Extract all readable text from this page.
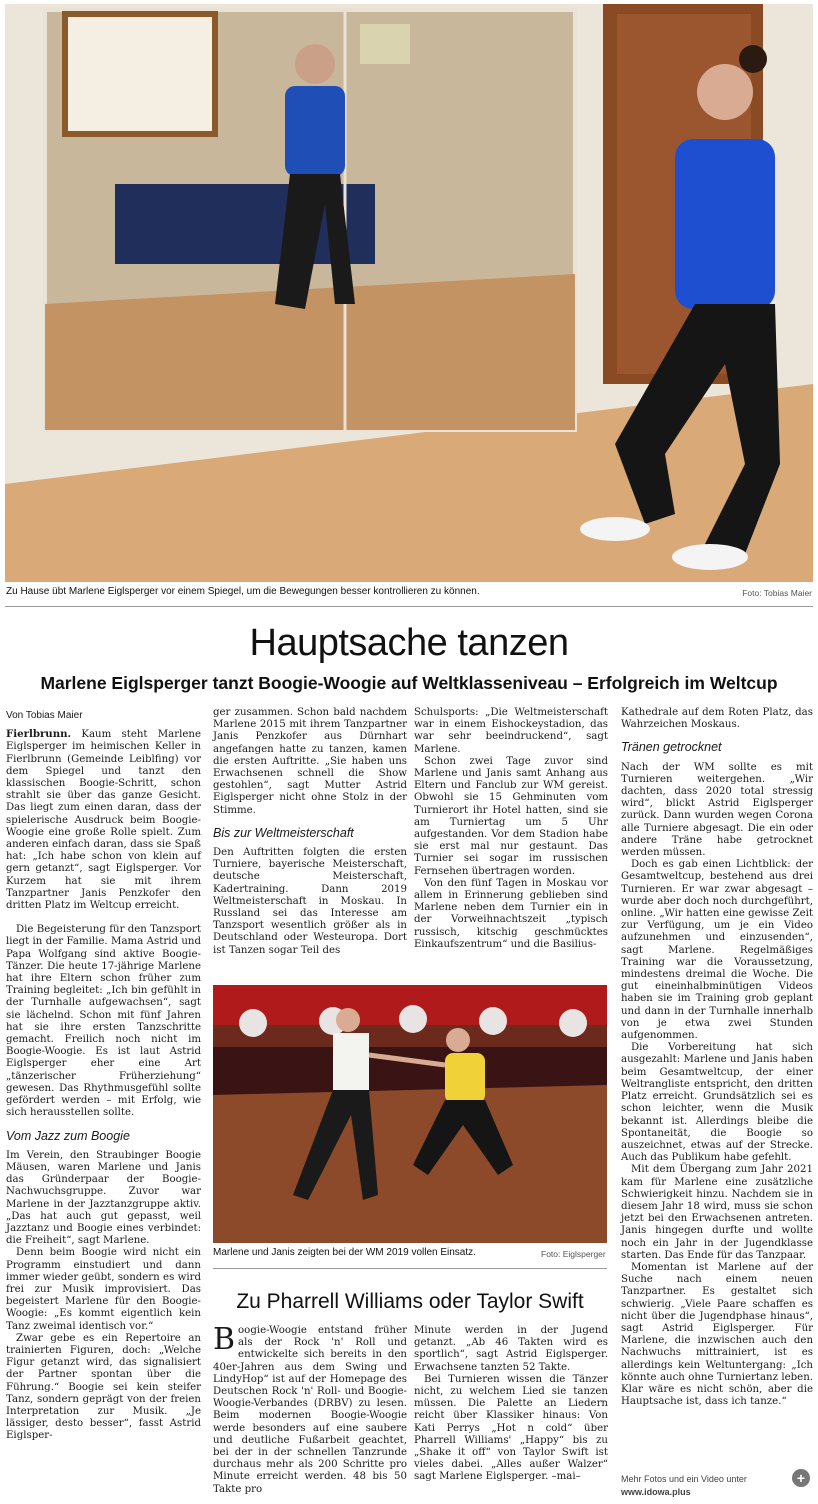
Zu Hause übt Marlene Eiglsperger vor einem Spiegel, um die Bewegungen besser kontrollieren zu können.	Foto: Tobias Maier
Hauptsache tanzen
Marlene Eiglsperger tanzt Boogie-Woogie auf Weltklasseniveau – Erfolgreich im Weltcup
Von Tobias Maier

Fierlbrunn. Kaum steht Marlene Eiglsperger im heimischen Keller in Fierlbrunn (Gemeinde Leiblfing) vor dem Spiegel und tanzt den klassischen Boogie-Schritt, schon strahlt sie über das ganze Gesicht. Das liegt zum einen daran, dass der spielerische Ausdruck beim Boogie-Woogie eine große Rolle spielt. Zum anderen einfach daran, dass sie Spaß hat: „Ich habe schon von klein auf gern getanzt“, sagt Eiglsperger. Vor Kurzem hat sie mit ihrem Tanzpartner Janis Penzkofer den dritten Platz im Weltcup erreicht.

Die Begeisterung für den Tanzsport liegt in der Familie. Mama Astrid und Papa Wolfgang sind aktive Boogie-Tänzer. Die heute 17-jährige Marlene hat ihre Eltern schon früher zum Training begleitet: „Ich bin gefühlt in der Turnhalle aufgewachsen“, sagt sie lächelnd. Schon mit fünf Jahren hat sie ihre ersten Tanzschritte gemacht. Freilich noch nicht im Boogie-Woogie. Es ist laut Astrid Eiglsperger eher eine Art „tänzerischer Früherziehung“ gewesen. Das Rhythmusgefühl sollte gefördert werden – mit Erfolg, wie sich herausstellen sollte.

Vom Jazz zum Boogie

Im Verein, den Straubinger Boogie Mäusen, waren Marlene und Janis das Gründerpaar der Boogie-Nachwuchsgruppe. Zuvor war Marlene in der Jazztanzgruppe aktiv. „Das hat auch gut gepasst, weil Jazztanz und Boogie eines verbindet: die Freiheit“, sagt Marlene.

Denn beim Boogie wird nicht ein Programm einstudiert und dann immer wieder geübt, sondern es wird frei zur Musik improvisiert. Das begeistert Marlene für den Boogie-Woogie: „Es kommt eigentlich kein Tanz zweimal identisch vor.“

Zwar gebe es ein Repertoire an trainierten Figuren, doch: „Welche Figur getanzt wird, das signalisiert der Partner spontan über die Führung.“ Boogie sei kein steifer Tanz, sondern geprägt von der freien Interpretation zur Musik. „Je lässiger, desto besser“, fasst Astrid Eiglsper-

ger zusammen. Schon bald nachdem Marlene 2015 mit ihrem Tanzpartner Janis Penzkofer aus Dürnhart angefangen hatte zu tanzen, kamen die ersten Auftritte. „Sie haben uns Erwachsenen schnell die Show gestohlen“, sagt Mutter Astrid Eiglsperger nicht ohne Stolz in der Stimme.

Bis zur Weltmeisterschaft

Den Auftritten folgten die ersten Turniere, bayerische Meisterschaft, deutsche Meisterschaft, Kadertraining. Dann 2019 Weltmeisterschaft in Moskau. In Russland sei das Interesse am Tanzsport wesentlich größer als in Deutschland oder Westeuropa. Dort ist Tanzen sogar Teil des

Schulsports: „Die Weltmeisterschaft war in einem Eishockeystadion, das war sehr beeindruckend“, sagt Marlene.

Schon zwei Tage zuvor sind Marlene und Janis samt Anhang aus Eltern und Fanclub zur WM gereist. Obwohl sie 15 Gehminuten vom Turnierort ihr Hotel hatten, sind sie am Turniertag um 5 Uhr aufgestanden. Vor dem Stadion habe sie erst mal nur gestaunt. Das Turnier sei sogar im russischen Fernsehen übertragen worden.

Von den fünf Tagen in Moskau vor allem in Erinnerung geblieben sind Marlene neben dem Turnier ein in der Vorweihnachtszeit „typisch russisch, kitschig geschmücktes Einkaufszentrum“ und die Basilius-

Marlene und Janis zeigten bei der WM 2019 vollen Einsatz.	Foto: Eiglsperger
Zu Pharrell Williams oder Taylor Swift

Boogie-Woogie entstand früher als der Rock 'n' Roll und entwickelte sich bereits in den 40er-Jahren aus dem Swing und LindyHop“ ist auf der Homepage des Deutschen Rock 'n' Roll- und Boogie-Woogie-Verbandes (DRBV) zu lesen. Beim modernen Boogie-Woogie werde besonders auf eine saubere und deutliche Fußarbeit geachtet, bei der in der schnellen Tanzrunde durchaus mehr als 200 Schritte pro Minute erreicht werden. 48 bis 50 Takte pro

Minute werden in der Jugend getanzt. „Ab 46 Takten wird es sportlich“, sagt Astrid Eiglsperger. Erwachsene tanzten 52 Takte.

Bei Turnieren wissen die Tänzer nicht, zu welchem Lied sie tanzen müssen. Die Palette an Liedern reicht über Klassiker hinaus: Von Kati Perrys „Hot n cold“ über Pharrell Williams' „Happy“ bis zu „Shake it off“ von Taylor Swift ist vieles dabei. „Alles außer Walzer“ sagt Marlene Eiglsperger. –mai–

Kathedrale auf dem Roten Platz, das Wahrzeichen Moskaus.

Tränen getrocknet

Nach der WM sollte es mit Turnieren weitergehen. „Wir dachten, dass 2020 total stressig wird“, blickt Astrid Eiglsperger zurück. Dann wurden wegen Corona alle Turniere abgesagt. Die ein oder andere Träne habe getrocknet werden müssen.

Doch es gab einen Lichtblick: der Gesamtweltcup, bestehend aus drei Turnieren. Er war zwar abgesagt – wurde aber doch noch durchgeführt, online. „Wir hatten eine gewisse Zeit zur Verfügung, um je ein Video aufzunehmen und einzusenden“, sagt Marlene. Regelmäßiges Training war die Voraussetzung, mindestens dreimal die Woche. Die gut eineinhalbminütigen Videos haben sie im Training grob geplant und dann in der Turnhalle innerhalb von je etwa zwei Stunden aufgenommen.

Die Vorbereitung hat sich ausgezahlt: Marlene und Janis haben beim Gesamtweltcup, der einer Weltrangliste entspricht, den dritten Platz erreicht. Grundsätzlich sei es schon leichter, wenn die Musik bekannt ist. Allerdings bleibe die Spontaneität, die Boogie so auszeichnet, etwas auf der Strecke. Auch das Publikum habe gefehlt.

Mit dem Übergang zum Jahr 2021 kam für Marlene eine zusätzliche Schwierigkeit hinzu. Nachdem sie in diesem Jahr 18 wird, muss sie schon jetzt bei den Erwachsenen antreten. Janis hingegen durfte und wollte noch ein Jahr in der Jugendklasse starten. Das Ende für das Tanzpaar.

Momentan ist Marlene auf der Suche nach einem neuen Tanzpartner. Es gestaltet sich schwierig. „Viele Paare schaffen es nicht über die Jugendphase hinaus“, sagt Astrid Eiglsperger. Für Marlene, die inzwischen auch den Nachwuchs mittrainiert, ist es allerdings kein Weltuntergang: „Ich könnte auch ohne Turniertanz leben. Klar wäre es nicht schön, aber die Hauptsache ist, dass ich tanze.“

Mehr Fotos und ein Video unter
www.idowa.plus
+
